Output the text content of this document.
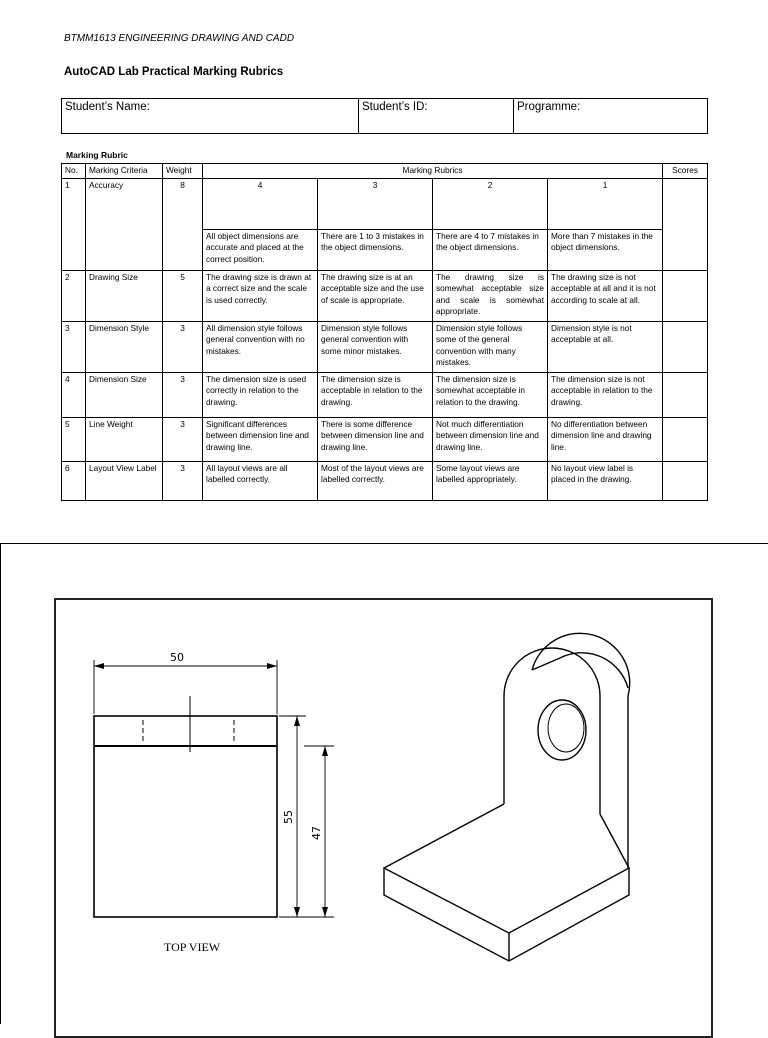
BTMM1613 ENGINEERING DRAWING AND CADD
AutoCAD Lab Practical Marking Rubrics
Student’s Name:	Student’s ID:	Programme:
Marking Rubric
No.	Marking Criteria	Weight	Marking Rubrics				Scores
1	Accuracy	8	4	3	2	1	
			All object dimensions are accurate and placed at the correct position.	There are 1 to 3 mistakes in the object dimensions.	There are 4 to 7 mistakes in the object dimensions.	More than 7 mistakes in the object dimensions.	
2	Drawing Size	5	The drawing size is drawn at a correct size and the scale is used correctly.	The drawing size is at an acceptable size and the use of scale is appropriate.	The drawing size is somewhat acceptable size and scale is somewhat appropriate.	The drawing size is not acceptable at all and it is not according to scale at all.	
3	Dimension Style	3	All dimension style follows general convention with no mistakes.	Dimension style follows general convention with some minor mistakes.	Dimension style follows some of the general convention with many mistakes.	Dimension style is not acceptable at all.	
4	Dimension Size	3	The dimension size is used correctly in relation to the drawing.	The dimension size is acceptable in relation to the drawing.	The dimension size is somewhat acceptable in relation to the drawing.	The dimension size is not acceptable in relation to the drawing.	
5	Line Weight	3	Significant differences between dimension line and drawing line.	There is some difference between dimension line and drawing line.	Not much differentiation between dimension line and drawing line.	No differentiation between dimension line and drawing line.	
6	Layout View Label	3	All layout views are all labelled correctly.	Most of the layout views are labelled correctly.	Some layout views are labelled appropriately.	No layout view label is placed in the drawing.	
50
55
47
TOP VIEW
